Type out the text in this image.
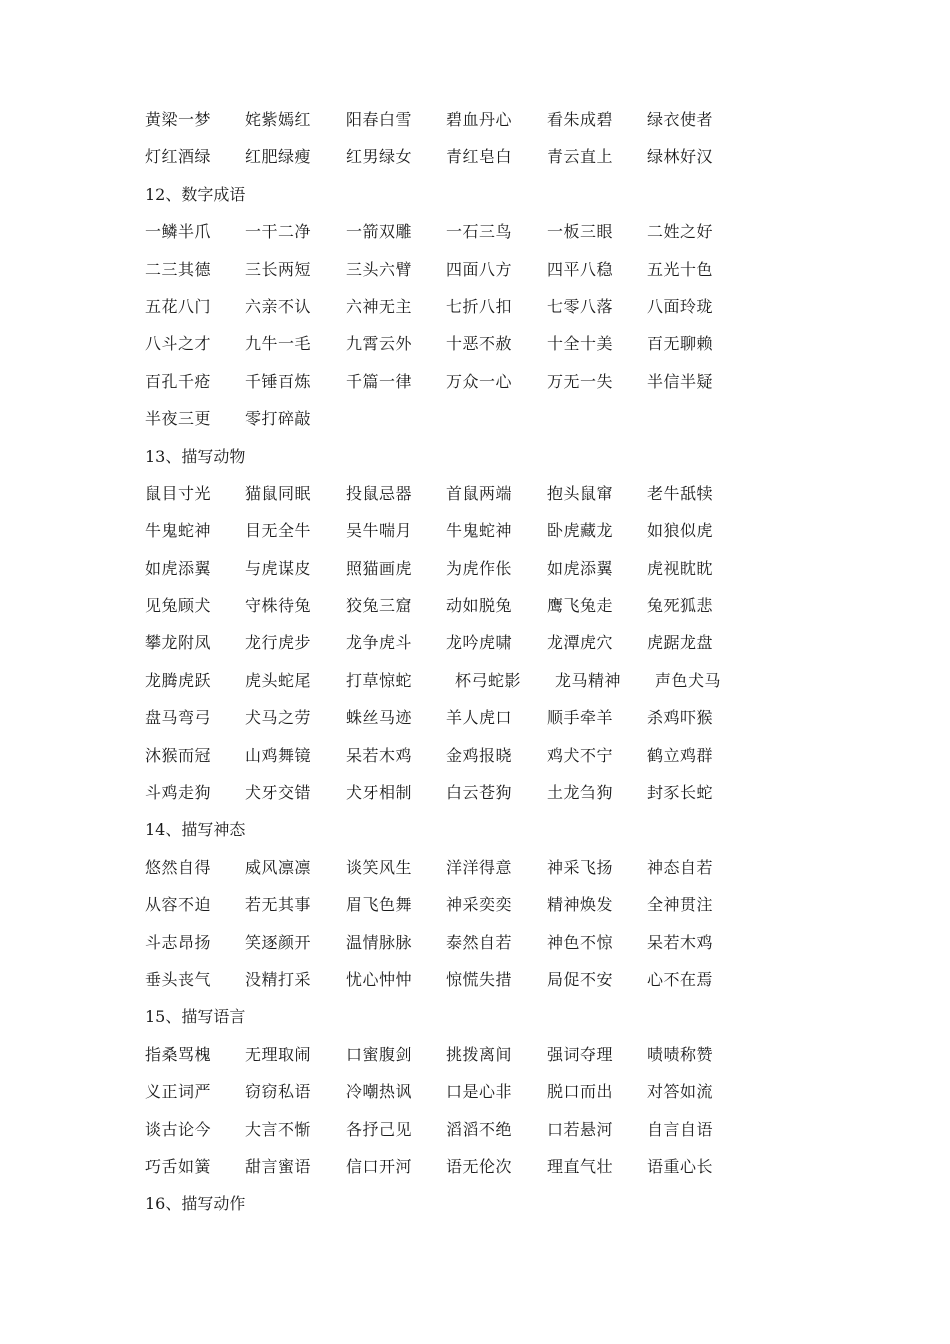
黄梁一梦 姹紫嫣红 阳春白雪 碧血丹心 看朱成碧 绿衣使者
灯红酒绿 红肥绿瘦 红男绿女 青红皂白 青云直上 绿林好汉
12、数字成语
一鳞半爪 一干二净 一箭双雕 一石三鸟 一板三眼 二姓之好
二三其德 三长两短 三头六臂 四面八方 四平八稳 五光十色
五花八门 六亲不认 六神无主 七折八扣 七零八落 八面玲珑
八斗之才 九牛一毛 九霄云外 十恶不赦 十全十美 百无聊赖
百孔千疮 千锤百炼 千篇一律 万众一心 万无一失 半信半疑
半夜三更 零打碎敲
13、描写动物
鼠目寸光 猫鼠同眠 投鼠忌器 首鼠两端 抱头鼠窜 老牛舐犊
牛鬼蛇神 目无全牛 吴牛喘月 牛鬼蛇神 卧虎藏龙 如狼似虎
如虎添翼 与虎谋皮 照猫画虎 为虎作伥 如虎添翼 虎视眈眈
见兔顾犬 守株待兔 狡兔三窟 动如脱兔 鹰飞兔走 兔死狐悲
攀龙附凤 龙行虎步 龙争虎斗 龙吟虎啸 龙潭虎穴 虎踞龙盘
龙腾虎跃 虎头蛇尾 打草惊蛇	杯弓蛇影 龙马精神 声色犬马
盘马弯弓 犬马之劳 蛛丝马迹 羊人虎口 顺手牵羊 杀鸡吓猴
沐猴而冠 山鸡舞镜 呆若木鸡 金鸡报晓 鸡犬不宁 鹤立鸡群
斗鸡走狗 犬牙交错 犬牙相制 白云苍狗 土龙刍狗 封豕长蛇
14、描写神态
悠然自得 威风凛凛 谈笑风生 洋洋得意 神采飞扬 神态自若
从容不迫 若无其事 眉飞色舞 神采奕奕 精神焕发 全神贯注
斗志昂扬 笑逐颜开 温情脉脉 泰然自若 神色不惊 呆若木鸡
垂头丧气 没精打采 忧心忡忡 惊慌失措 局促不安 心不在焉
15、描写语言
指桑骂槐 无理取闹 口蜜腹剑 挑拨离间 强词夺理 啧啧称赞
义正词严 窃窃私语 冷嘲热讽 口是心非 脱口而出 对答如流
谈古论今 大言不惭 各抒己见 滔滔不绝 口若悬河 自言自语
巧舌如簧 甜言蜜语 信口开河 语无伦次 理直气壮 语重心长
16、描写动作
